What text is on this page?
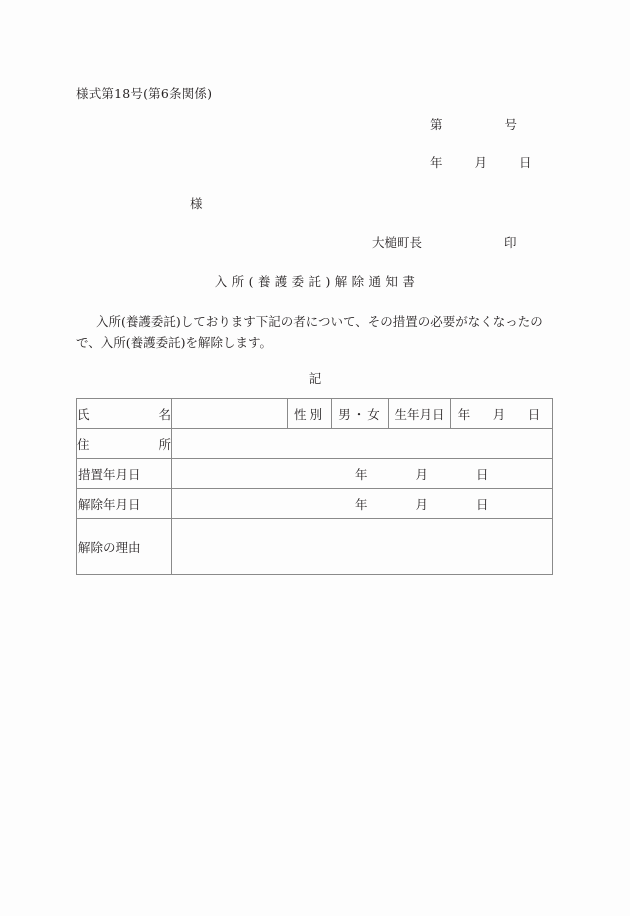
様式第18号(第6条関係)
第	号
年	月	日
様
大槌町長	印
入所(養護委託)解除通知書
入所(養護委託)しております下記の者について、その措置の必要がなくなったので、入所(養護委託)を解除します。
記
氏 名		性別	男・女	生年月日	年　月　日

住 所					

措置年月日	年 月 日				

解除年月日	年 月 日				

解除の理由					
